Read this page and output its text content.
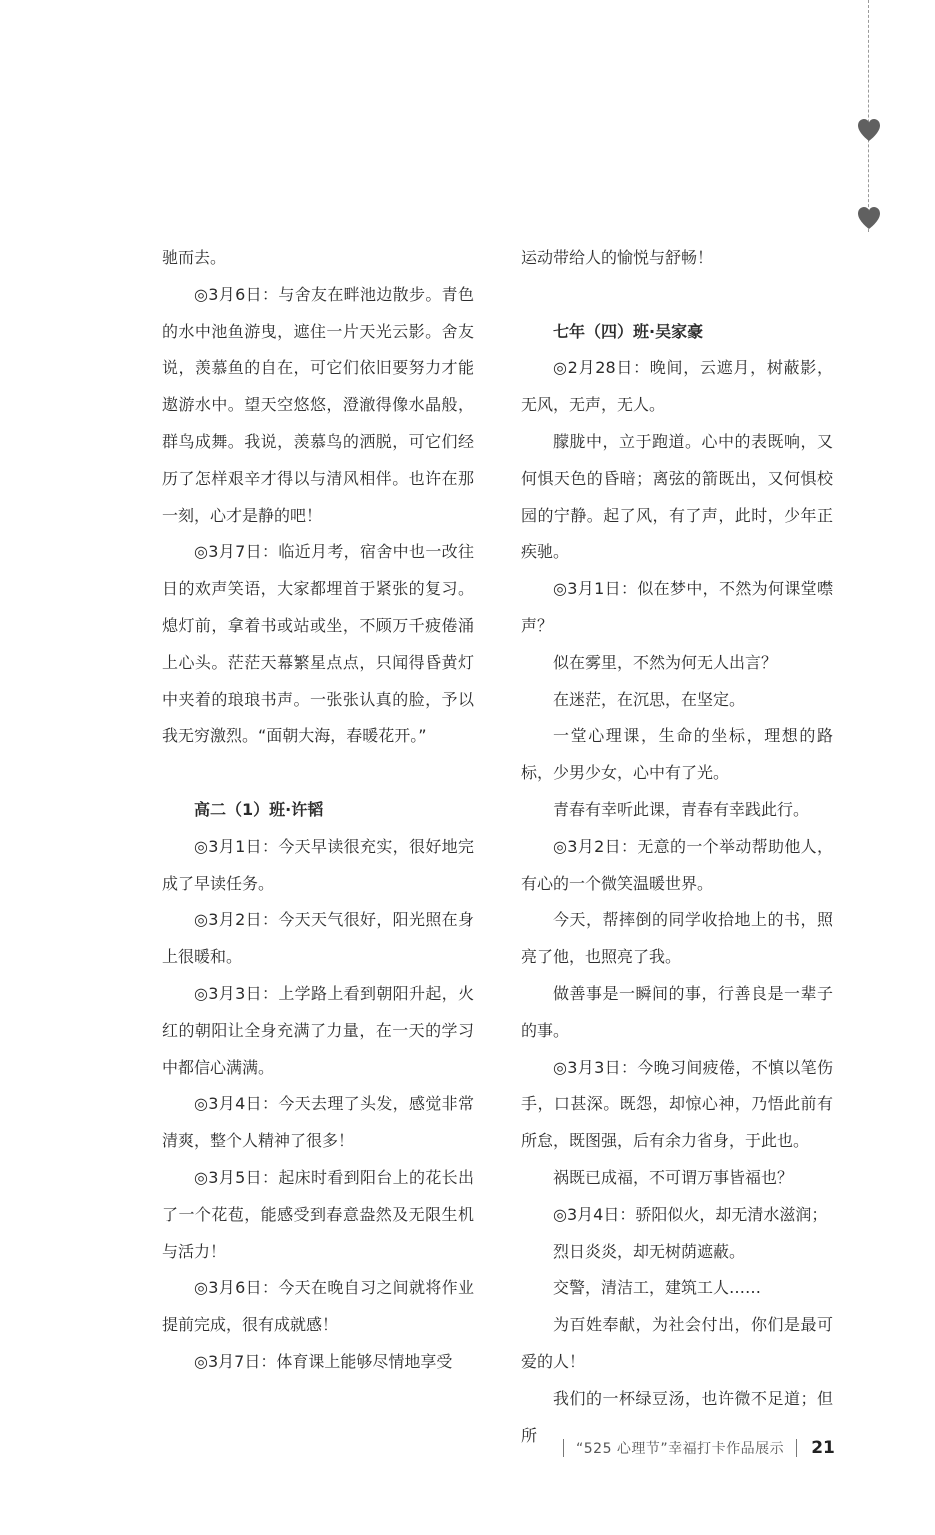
驰而去。

◎3月6日：与舍友在畔池边散步。青色的水中池鱼游曳，遮住一片天光云影。舍友说，羡慕鱼的自在，可它们依旧要努力才能遨游水中。望天空悠悠，澄澈得像水晶般，群鸟成舞。我说，羡慕鸟的洒脱，可它们经历了怎样艰辛才得以与清风相伴。也许在那一刻，心才是静的吧！

◎3月7日：临近月考，宿舍中也一改往日的欢声笑语，大家都埋首于紧张的复习。熄灯前，拿着书或站或坐，不顾万千疲倦涌上心头。茫茫天幕繁星点点，只闻得昏黄灯中夹着的琅琅书声。一张张认真的脸，予以我无穷激烈。“面朝大海，春暖花开。”

高二（1）班·许韬

◎3月1日：今天早读很充实，很好地完成了早读任务。

◎3月2日：今天天气很好，阳光照在身上很暖和。

◎3月3日：上学路上看到朝阳升起，火红的朝阳让全身充满了力量，在一天的学习中都信心满满。

◎3月4日：今天去理了头发，感觉非常清爽，整个人精神了很多！

◎3月5日：起床时看到阳台上的花长出了一个花苞，能感受到春意盎然及无限生机与活力！

◎3月6日：今天在晚自习之间就将作业提前完成，很有成就感！

◎3月7日：体育课上能够尽情地享受

运动带给人的愉悦与舒畅！

七年（四）班·吴家豪

◎2月28日：晚间，云遮月，树蔽影，无风，无声，无人。

朦胧中，立于跑道。心中的表既响，又何惧天色的昏暗；离弦的箭既出，又何惧校园的宁静。起了风，有了声，此时，少年正疾驰。

◎3月1日：似在梦中，不然为何课堂噤声？

似在雾里，不然为何无人出言？

在迷茫，在沉思，在坚定。

一堂心理课，生命的坐标，理想的路标，少男少女，心中有了光。

青春有幸听此课，青春有幸践此行。

◎3月2日：无意的一个举动帮助他人，有心的一个微笑温暖世界。

今天，帮摔倒的同学收拾地上的书，照亮了他，也照亮了我。

做善事是一瞬间的事，行善良是一辈子的事。

◎3月3日：今晚习间疲倦，不慎以笔伤手，口甚深。既怨，却惊心神，乃悟此前有所怠，既图强，后有余力省身，于此也。

祸既已成福，不可谓万事皆福也？

◎3月4日：骄阳似火，却无清水滋润；

烈日炎炎，却无树荫遮蔽。

交警，清洁工，建筑工人……

为百姓奉献，为社会付出，你们是最可爱的人！

我们的一杯绿豆汤，也许微不足道；但所

“525 心理节”幸福打卡作品展示 21
